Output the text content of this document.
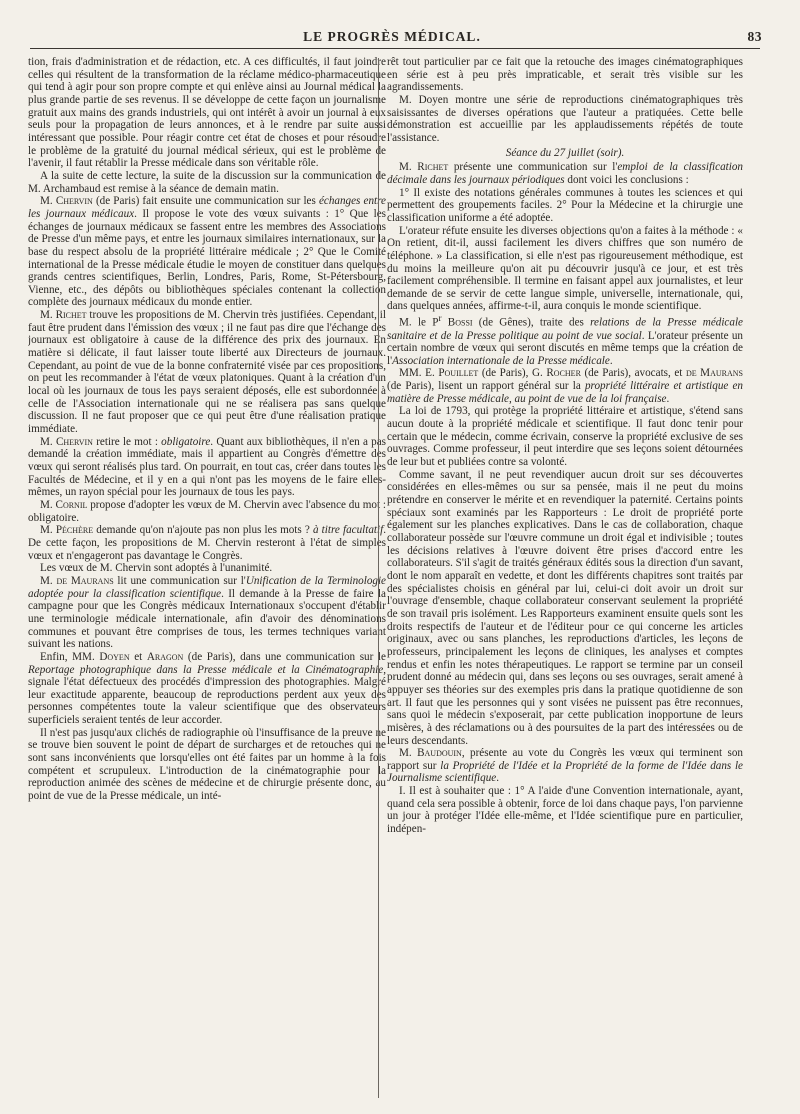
LE PROGRÈS MÉDICAL.	83

tion, frais d'administration et de rédaction, etc. A ces difficultés, il faut joindre celles qui résultent de la transformation de la réclame médico-pharmaceutique qui tend à agir pour son propre compte et qui enlève ainsi au Journal médical la plus grande partie de ses revenus. Il se développe de cette façon un journalisme gratuit aux mains des grands industriels, qui ont intérêt à avoir un journal à eux seuls pour la propagation de leurs annonces, et à le rendre par suite aussi intéressant que possible. Pour réagir contre cet état de choses et pour résoudre le problème de la gratuité du journal médical sérieux, qui est le problème de l'avenir, il faut rétablir la Presse médicale dans son véritable rôle.

A la suite de cette lecture, la suite de la discussion sur la communication de M. Archambaud est remise à la séance de demain matin.

M. Chervin (de Paris) fait ensuite une communication sur les échanges entre les journaux médicaux. Il propose le vote des vœux suivants : 1° Que les échanges de journaux médicaux se fassent entre les membres des Associations de Presse d'un même pays, et entre les journaux similaires internationaux, sur la base du respect absolu de la propriété littéraire médicale ; 2° Que le Comité international de la Presse médicale étudie le moyen de constituer dans quelques grands centres scientifiques, Berlin, Londres, Paris, Rome, St-Pétersbourg, Vienne, etc., des dépôts ou bibliothèques spéciales contenant la collection complète des journaux médicaux du monde entier.

M. Richet trouve les propositions de M. Chervin très justifiées. Cependant, il faut être prudent dans l'émission des vœux ; il ne faut pas dire que l'échange des journaux est obligatoire à cause de la différence des prix des journaux. En matière si délicate, il faut laisser toute liberté aux Directeurs de journaux. Cependant, au point de vue de la bonne confraternité visée par ces propositions, on peut les recommander à l'état de vœux platoniques. Quant à la création d'un local où les journaux de tous les pays seraient déposés, elle est subordonnée à celle de l'Association internationale qui ne se réalisera pas sans quelque discussion. Il ne faut proposer que ce qui peut être d'une réalisation pratique immédiate.

M. Chervin retire le mot : obligatoire. Quant aux bibliothèques, il n'en a pas demandé la création immédiate, mais il appartient au Congrès d'émettre des vœux qui seront réalisés plus tard. On pourrait, en tout cas, créer dans toutes les Facultés de Médecine, et il y en a qui n'ont pas les moyens de le faire elles-mêmes, un rayon spécial pour les journaux de tous les pays.

M. Cornil propose d'adopter les vœux de M. Chervin avec l'absence du mot : obligatoire.

M. Péchère demande qu'on n'ajoute pas non plus les mots ? à titre facultatif. De cette façon, les propositions de M. Chervin resteront à l'état de simples vœux et n'engageront pas davantage le Congrès.

Les vœux de M. Chervin sont adoptés à l'unanimité.

M. de Maurans lit une communication sur l'Unification de la Terminologie adoptée pour la classification scientifique. Il demande à la Presse de faire la campagne pour que les Congrès médicaux Internationaux s'occupent d'établir une terminologie médicale internationale, afin d'avoir des dénominations communes et pouvant être comprises de tous, les termes techniques variant suivant les nations.

Enfin, MM. Doyen et Aragon (de Paris), dans une communication sur le Reportage photographique dans la Presse médicale et la Cinématographie, signale l'état défectueux des procédés d'impression des photographies. Malgré leur exactitude apparente, beaucoup de reproductions perdent aux yeux des personnes compétentes toute la valeur scientifique que des observateurs superficiels seraient tentés de leur accorder.

Il n'est pas jusqu'aux clichés de radiographie où l'insuffisance de la preuve ne se trouve bien souvent le point de départ de surcharges et de retouches qui ne sont sans inconvénients que lorsqu'elles ont été faites par un homme à la fois compétent et scrupuleux. L'introduction de la cinématographie pour la reproduction animée des scènes de médecine et de chirurgie présente donc, au point de vue de la Presse médicale, un inté-

rêt tout particulier par ce fait que la retouche des images cinématographiques en série est à peu près impraticable, et serait très visible sur les agrandissements.

M. Doyen montre une série de reproductions cinématographiques très saisissantes de diverses opérations que l'auteur a pratiquées. Cette belle démonstration est accueillie par les applaudissements répétés de toute l'assistance.

Séance du 27 juillet (soir).

M. Richet présente une communication sur l'emploi de la classification décimale dans les journaux périodiques dont voici les conclusions :

1° Il existe des notations générales communes à toutes les sciences et qui permettent des groupements faciles. 2° Pour la Médecine et la chirurgie une classification uniforme a été adoptée.

L'orateur réfute ensuite les diverses objections qu'on a faites à la méthode : « On retient, dit-il, aussi facilement les divers chiffres que son numéro de téléphone. » La classification, si elle n'est pas rigoureusement méthodique, est du moins la meilleure qu'on ait pu découvrir jusqu'à ce jour, et est très facilement compréhensible. Il termine en faisant appel aux journalistes, et leur demande de se servir de cette langue simple, universelle, internationale, qui, dans quelques années, affirme-t-il, aura conquis le monde scientifique.

M. le $P^r$ Bossi (de Gênes), traite des relations de la Presse médicale sanitaire et de la Presse politique au point de vue social. L'orateur présente un certain nombre de vœux qui seront discutés en même temps que la création de l'Association internationale de la Presse médicale.

MM. E. Pouillet (de Paris), G. Rocher (de Paris), avocats, et de Maurans (de Paris), lisent un rapport général sur la propriété littéraire et artistique en matière de Presse médicale, au point de vue de la loi française.

La loi de 1793, qui protège la propriété littéraire et artistique, s'étend sans aucun doute à la propriété médicale et scientifique. Il faut donc tenir pour certain que le médecin, comme écrivain, conserve la propriété exclusive de ses ouvrages. Comme professeur, il peut interdire que ses leçons soient détournées de leur but et publiées contre sa volonté.

Comme savant, il ne peut revendiquer aucun droit sur ses découvertes considérées en elles-mêmes ou sur sa pensée, mais il ne peut du moins prétendre en conserver le mérite et en revendiquer la paternité. Certains points spéciaux sont examinés par les Rapporteurs : Le droit de propriété porte également sur les planches explicatives. Dans le cas de collaboration, chaque collaborateur possède sur l'œuvre commune un droit égal et indivisible ; toutes les décisions relatives à l'œuvre doivent être prises d'accord entre les collaborateurs. S'il s'agit de traités généraux édités sous la direction d'un savant, dont le nom apparaît en vedette, et dont les différents chapitres sont traités par des spécialistes choisis en général par lui, celui-ci doit avoir un droit sur l'ouvrage d'ensemble, chaque collaborateur conservant seulement la propriété de son travail pris isolément. Les Rapporteurs examinent ensuite quels sont les droits respectifs de l'auteur et de l'éditeur pour ce qui concerne les articles originaux, avec ou sans planches, les reproductions d'articles, les leçons de professeurs, principalement les leçons de cliniques, les analyses et comptes rendus et enfin les notes thérapeutiques. Le rapport se termine par un conseil prudent donné au médecin qui, dans ses leçons ou ses ouvrages, serait amené à appuyer ses théories sur des exemples pris dans la pratique quotidienne de son art. Il faut que les personnes qui y sont visées ne puissent pas être reconnues, sans quoi le médecin s'exposerait, par cette publication inopportune de leurs misères, à des réclamations ou à des poursuites de la part des intéressées ou de leurs descendants.

M. Baudouin, présente au vote du Congrès les vœux qui terminent son rapport sur la Propriété de l'Idée et la Propriété de la forme de l'Idée dans le Journalisme scientifique.

I. Il est à souhaiter que : 1° A l'aide d'une Convention internationale, ayant, quand cela sera possible à obtenir, force de loi dans chaque pays, l'on parvienne un jour à protéger l'Idée elle-même, et l'Idée scientifique pure en particulier, indépen-
